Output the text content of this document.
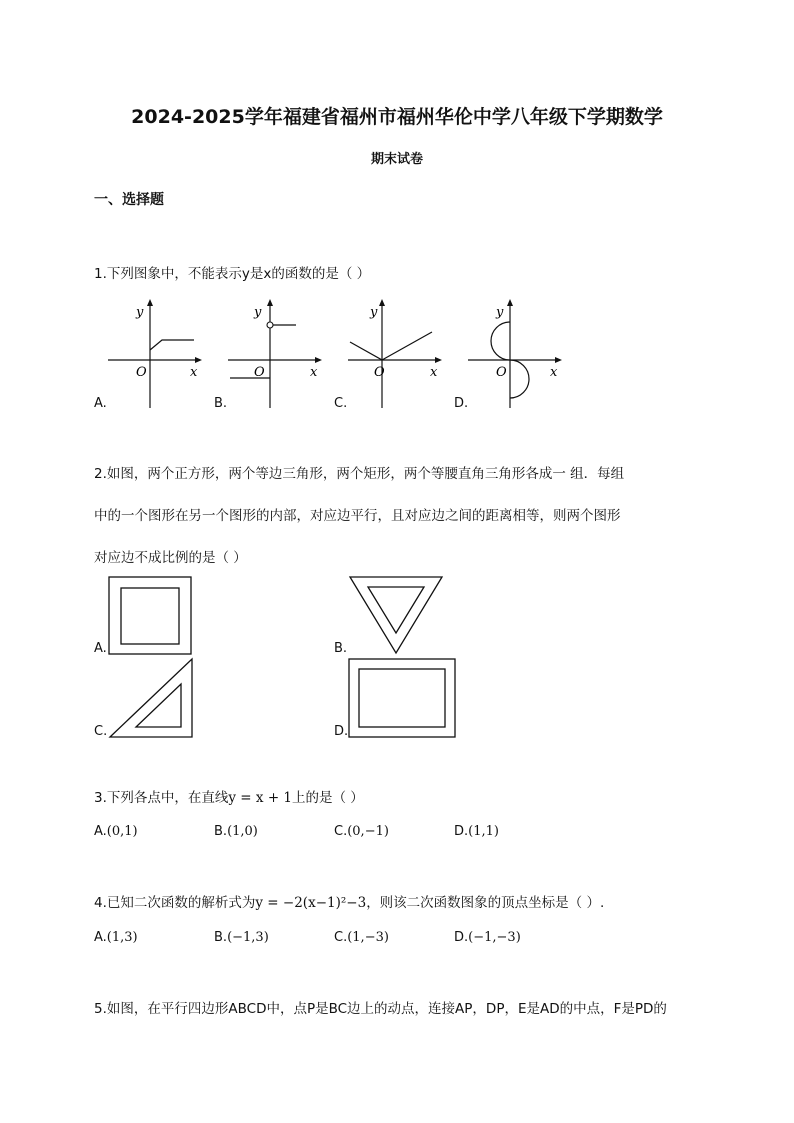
2024-2025学年福建省福州市福州华伦中学八年级下学期数学
期末试卷
一、选择题
1.下列图象中，不能表示y是x的函数的是（ ）
y
x
O
A.
y
x
O
B.
y
x
O
C.
y
x
O
D.
2.如图，两个正方形，两个等边三角形，两个矩形，两个等腰直角三角形各成一 组．每组
中的一个图形在另一个图形的内部，对应边平行，且对应边之间的距离相等，则两个图形
对应边不成比例的是（ ）
A.	B.
C.	D.
3.下列各点中，在直线y = x + 1上的是（ ）
A.(0,1)	B.(1,0)	C.(0,−1)	D.(1,1)
4.已知二次函数的解析式为y = −2(x−1)²−3，则该二次函数图象的顶点坐标是（ ）.
A.(1,3)	B.(−1,3)	C.(1,−3)	D.(−1,−3)
5.如图，在平行四边形ABCD中，点P是BC边上的动点，连接AP，DP，E是AD的中点，F是PD的
